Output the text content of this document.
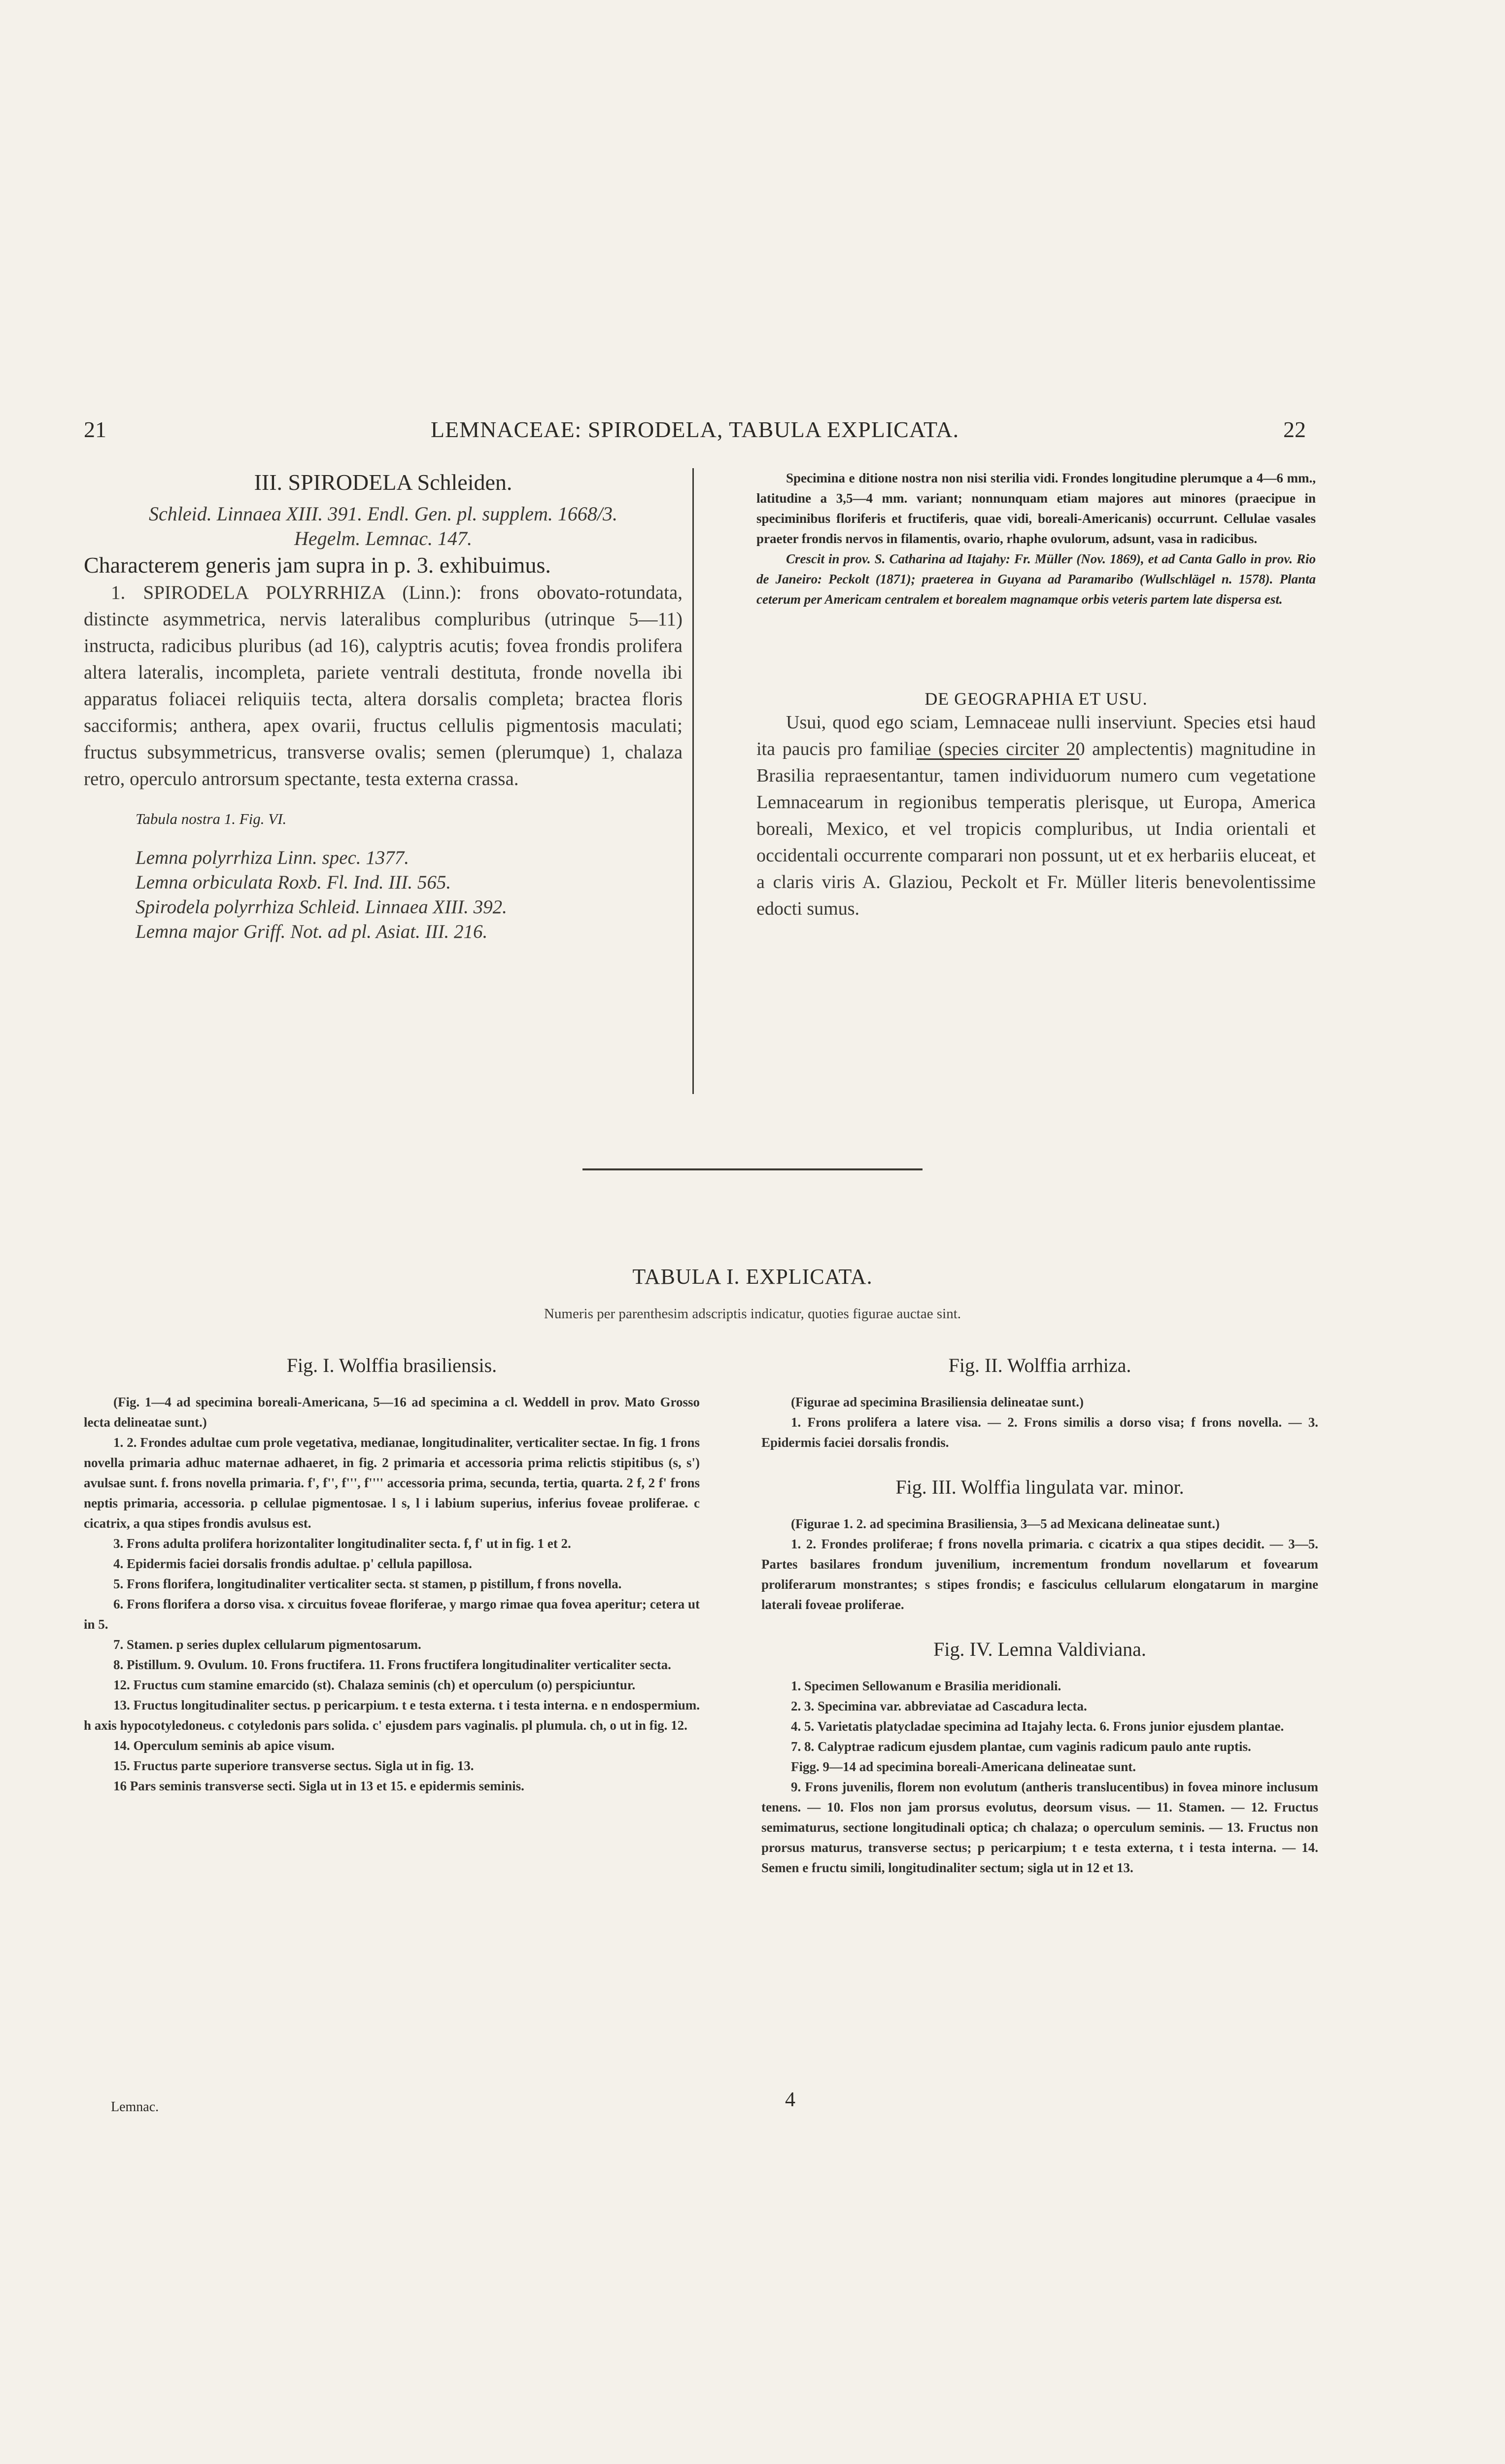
21	LEMNACEAE: SPIRODELA, TABULA EXPLICATA.	22
III. SPIRODELA Schleiden.
Schleid. Linnaea XIII. 391. Endl. Gen. pl. supplem. 1668/3.
Hegelm. Lemnac. 147.

Characterem generis jam supra in p. 3. exhibuimus.

1. SPIRODELA POLYRRHIZA (Linn.): frons obovato-rotundata, distincte asymmetrica, nervis lateralibus compluribus (utrinque 5—11) instructa, radicibus pluribus (ad 16), calyptris acutis; fovea frondis prolifera altera lateralis, incompleta, pariete ventrali destituta, fronde novella ibi apparatus foliacei reliquiis tecta, altera dorsalis completa; bractea floris sacciformis; anthera, apex ovarii, fructus cellulis pigmentosis maculati; fructus subsymmetricus, transverse ovalis; semen (plerumque) 1, chalaza retro, operculo antrorsum spectante, testa externa crassa.

Tabula nostra 1. Fig. VI.
Lemna polyrrhiza Linn. spec. 1377.
Lemna orbiculata Roxb. Fl. Ind. III. 565.
Spirodela polyrrhiza Schleid. Linnaea XIII. 392.
Lemna major Griff. Not. ad pl. Asiat. III. 216.

Specimina e ditione nostra non nisi sterilia vidi. Frondes longitudine plerumque a 4—6 mm., latitudine a 3,5—4 mm. variant; nonnunquam etiam majores aut minores (praecipue in speciminibus floriferis et fructiferis, quae vidi, boreali-Americanis) occurrunt. Cellulae vasales praeter frondis nervos in filamentis, ovario, rhaphe ovulorum, adsunt, vasa in radicibus.

Crescit in prov. S. Catharina ad Itajahy: Fr. Müller (Nov. 1869), et ad Canta Gallo in prov. Rio de Janeiro: Peckolt (1871); praeterea in Guyana ad Paramaribo (Wullschlägel n. 1578). Planta ceterum per Americam centralem et borealem magnamque orbis veteris partem late dispersa est.

DE GEOGRAPHIA ET USU.

Usui, quod ego sciam, Lemnaceae nulli inserviunt. Species etsi haud ita paucis pro familiae (species circiter 20 amplectentis) magnitudine in Brasilia repraesentantur, tamen individuorum numero cum vegetatione Lemnacearum in regionibus temperatis plerisque, ut Europa, America boreali, Mexico, et vel tropicis compluribus, ut India orientali et occidentali occurrente comparari non possunt, ut et ex herbariis eluceat, et a claris viris A. Glaziou, Peckolt et Fr. Müller literis benevolentissime edocti sumus.

TABULA I. EXPLICATA.
Numeris per parenthesim adscriptis indicatur, quoties figurae auctae sint.
Fig. I. Wolffia brasiliensis.

(Fig. 1—4 ad specimina boreali-Americana, 5—16 ad specimina a cl. Weddell in prov. Mato Grosso lecta delineatae sunt.)

1. 2. Frondes adultae cum prole vegetativa, medianae, longitudinaliter, verticaliter sectae. In fig. 1 frons novella primaria adhuc maternae adhaeret, in fig. 2 primaria et accessoria prima relictis stipitibus (s, s') avulsae sunt. f. frons novella primaria. f', f'', f''', f'''' accessoria prima, secunda, tertia, quarta. 2 f, 2 f' frons neptis primaria, accessoria. p cellulae pigmentosae. l s, l i labium superius, inferius foveae proliferae. c cicatrix, a qua stipes frondis avulsus est.

3. Frons adulta prolifera horizontaliter longitudinaliter secta. f, f' ut in fig. 1 et 2.

4. Epidermis faciei dorsalis frondis adultae. p' cellula papillosa.

5. Frons florifera, longitudinaliter verticaliter secta. st stamen, p pistillum, f frons novella.

6. Frons florifera a dorso visa. x circuitus foveae floriferae, y margo rimae qua fovea aperitur; cetera ut in 5.

7. Stamen. p series duplex cellularum pigmentosarum.

8. Pistillum. 9. Ovulum. 10. Frons fructifera. 11. Frons fructifera longitudinaliter verticaliter secta.

12. Fructus cum stamine emarcido (st). Chalaza seminis (ch) et operculum (o) perspiciuntur.

13. Fructus longitudinaliter sectus. p pericarpium. t e testa externa. t i testa interna. e n endospermium. h axis hypocotyledoneus. c cotyledonis pars solida. c' ejusdem pars vaginalis. pl plumula. ch, o ut in fig. 12.

14. Operculum seminis ab apice visum.

15. Fructus parte superiore transverse sectus. Sigla ut in fig. 13.

16 Pars seminis transverse secti. Sigla ut in 13 et 15. e epidermis seminis.

Fig. II. Wolffia arrhiza.

(Figurae ad specimina Brasiliensia delineatae sunt.)

1. Frons prolifera a latere visa. — 2. Frons similis a dorso visa; f frons novella. — 3. Epidermis faciei dorsalis frondis.

Fig. III. Wolffia lingulata var. minor.

(Figurae 1. 2. ad specimina Brasiliensia, 3—5 ad Mexicana delineatae sunt.)

1. 2. Frondes proliferae; f frons novella primaria. c cicatrix a qua stipes decidit. — 3—5. Partes basilares frondum juvenilium, incrementum frondum novellarum et fovearum proliferarum monstrantes; s stipes frondis; e fasciculus cellularum elongatarum in margine laterali foveae proliferae.

Fig. IV. Lemna Valdiviana.

1. Specimen Sellowanum e Brasilia meridionali.

2. 3. Specimina var. abbreviatae ad Cascadura lecta.

4. 5. Varietatis platycladae specimina ad Itajahy lecta. 6. Frons junior ejusdem plantae.

7. 8. Calyptrae radicum ejusdem plantae, cum vaginis radicum paulo ante ruptis.

Figg. 9—14 ad specimina boreali-Americana delineatae sunt.

9. Frons juvenilis, florem non evolutum (antheris translucentibus) in fovea minore inclusum tenens. — 10. Flos non jam prorsus evolutus, deorsum visus. — 11. Stamen. — 12. Fructus semimaturus, sectione longitudinali optica; ch chalaza; o operculum seminis. — 13. Fructus non prorsus maturus, transverse sectus; p pericarpium; t e testa externa, t i testa interna. — 14. Semen e fructu simili, longitudinaliter sectum; sigla ut in 12 et 13.

Lemnac.	4
